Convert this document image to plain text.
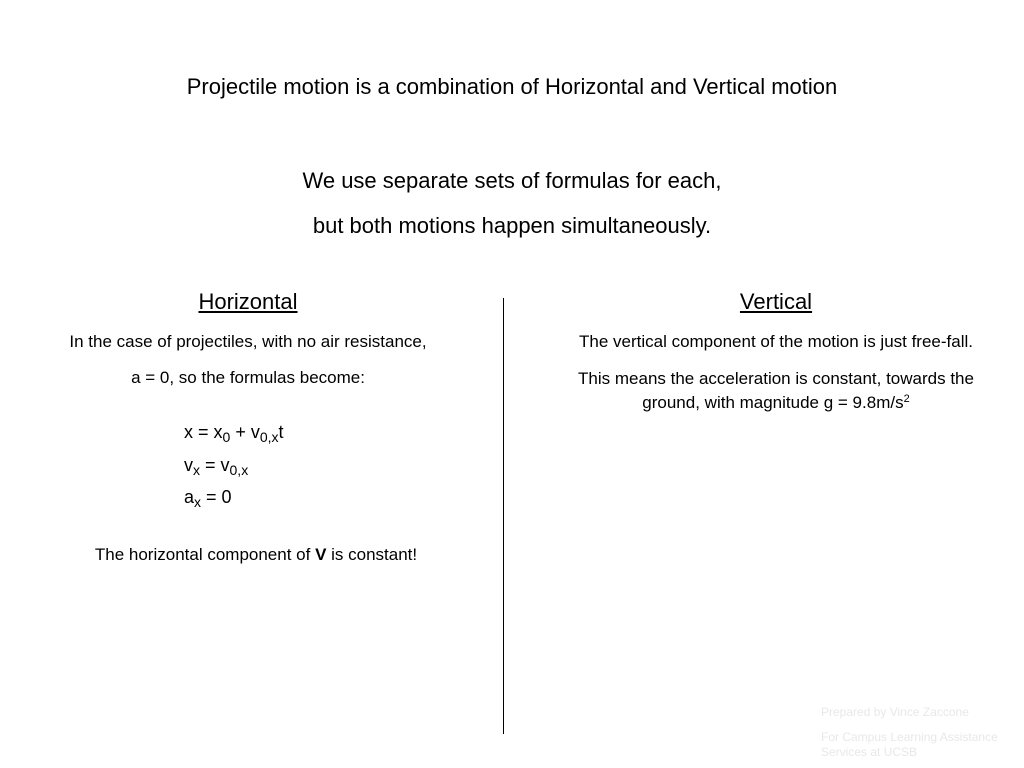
Projectile motion is a combination of Horizontal and Vertical motion
We use separate sets of formulas for each,
but both motions happen simultaneously.
Horizontal
In the case of projectiles, with no air resistance,
a = 0, so the formulas become:
$x = x_0 + v_{0,x}t$
$v_x = v_{0,x}$
$a_x = 0$
The horizontal component of V is constant!
Vertical
The vertical component of the motion is just free-fall.
This means the acceleration is constant, towards the
ground, with magnitude $g = 9.8m/s^2$
Prepared by Vince Zaccone
For Campus Learning Assistance Services at UCSB
